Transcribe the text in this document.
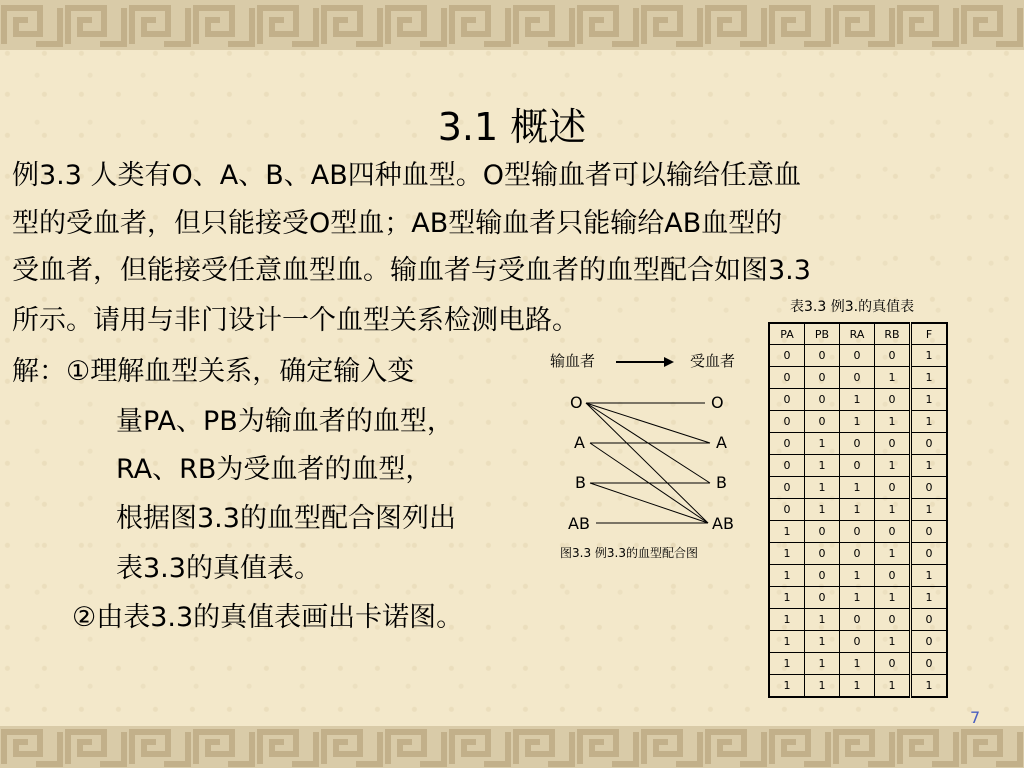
3.1 概述
例3.3 人类有O、A、B、AB四种血型。O型输血者可以输给任意血
型的受血者，但只能接受O型血；AB型输血者只能输给AB血型的
受血者，但能接受任意血型血。输血者与受血者的血型配合如图3.3
所示。请用与非门设计一个血型关系检测电路。
解：①理解血型关系，确定输入变
量PA、PB为输血者的血型，
RA、RB为受血者的血型，
根据图3.3的血型配合图列出
表3.3的真值表。
②由表3.3的真值表画出卡诺图。
输血者	受血者
O
A
B
AB
O
A
B
AB
图3.3 例3.3的血型配合图
表3.3 例3.的真值表
PA	PB	RA	RB	F
0	0	0	0	1
0	0	0	1	1
0	0	1	0	1
0	0	1	1	1
0	1	0	0	0
0	1	0	1	1
0	1	1	0	0
0	1	1	1	1
1	0	0	0	0
1	0	0	1	0
1	0	1	0	1
1	0	1	1	1
1	1	0	0	0
1	1	0	1	0
1	1	1	0	0
1	1	1	1	1
7
